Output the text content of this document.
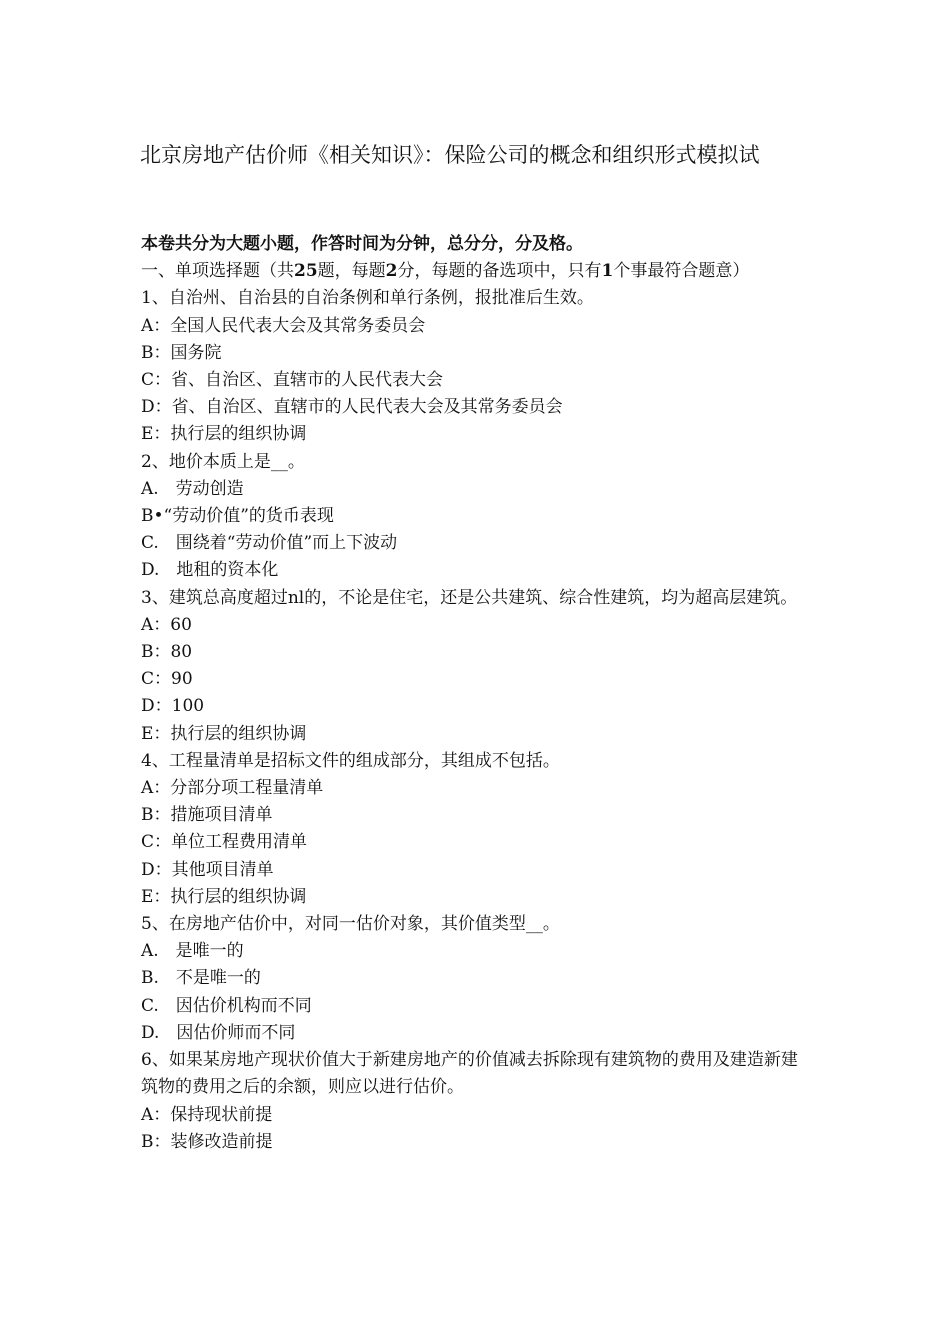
北京房地产估价师《相关知识》：保险公司的概念和组织形式模拟试
本卷共分为大题小题，作答时间为分钟，总分分，分及格。
一、单项选择题（共25题，每题2分，每题的备选项中，只有1个事最符合题意）
1、自治州、自治县的自治条例和单行条例，报批准后生效。
A：全国人民代表大会及其常务委员会
B：国务院
C：省、自治区、直辖市的人民代表大会
D：省、自治区、直辖市的人民代表大会及其常务委员会
E：执行层的组织协调
2、地价本质上是__。
A.　劳动创造
B•“劳动价值”的货币表现
C.　围绕着“劳动价值”而上下波动
D.　地租的资本化
3、建筑总高度超过nl的，不论是住宅，还是公共建筑、综合性建筑，均为超高层建筑。
A：60
B：80
C：90
D：100
E：执行层的组织协调
4、工程量清单是招标文件的组成部分，其组成不包括。
A：分部分项工程量清单
B：措施项目清单
C：单位工程费用清单
D：其他项目清单
E：执行层的组织协调
5、在房地产估价中，对同一估价对象，其价值类型__。
A.　是唯一的
B.　不是唯一的
C.　因估价机构而不同
D.　因估价师而不同
6、如果某房地产现状价值大于新建房地产的价值减去拆除现有建筑物的费用及建造新建筑物的费用之后的余额，则应以进行估价。
A：保持现状前提
B：装修改造前提
